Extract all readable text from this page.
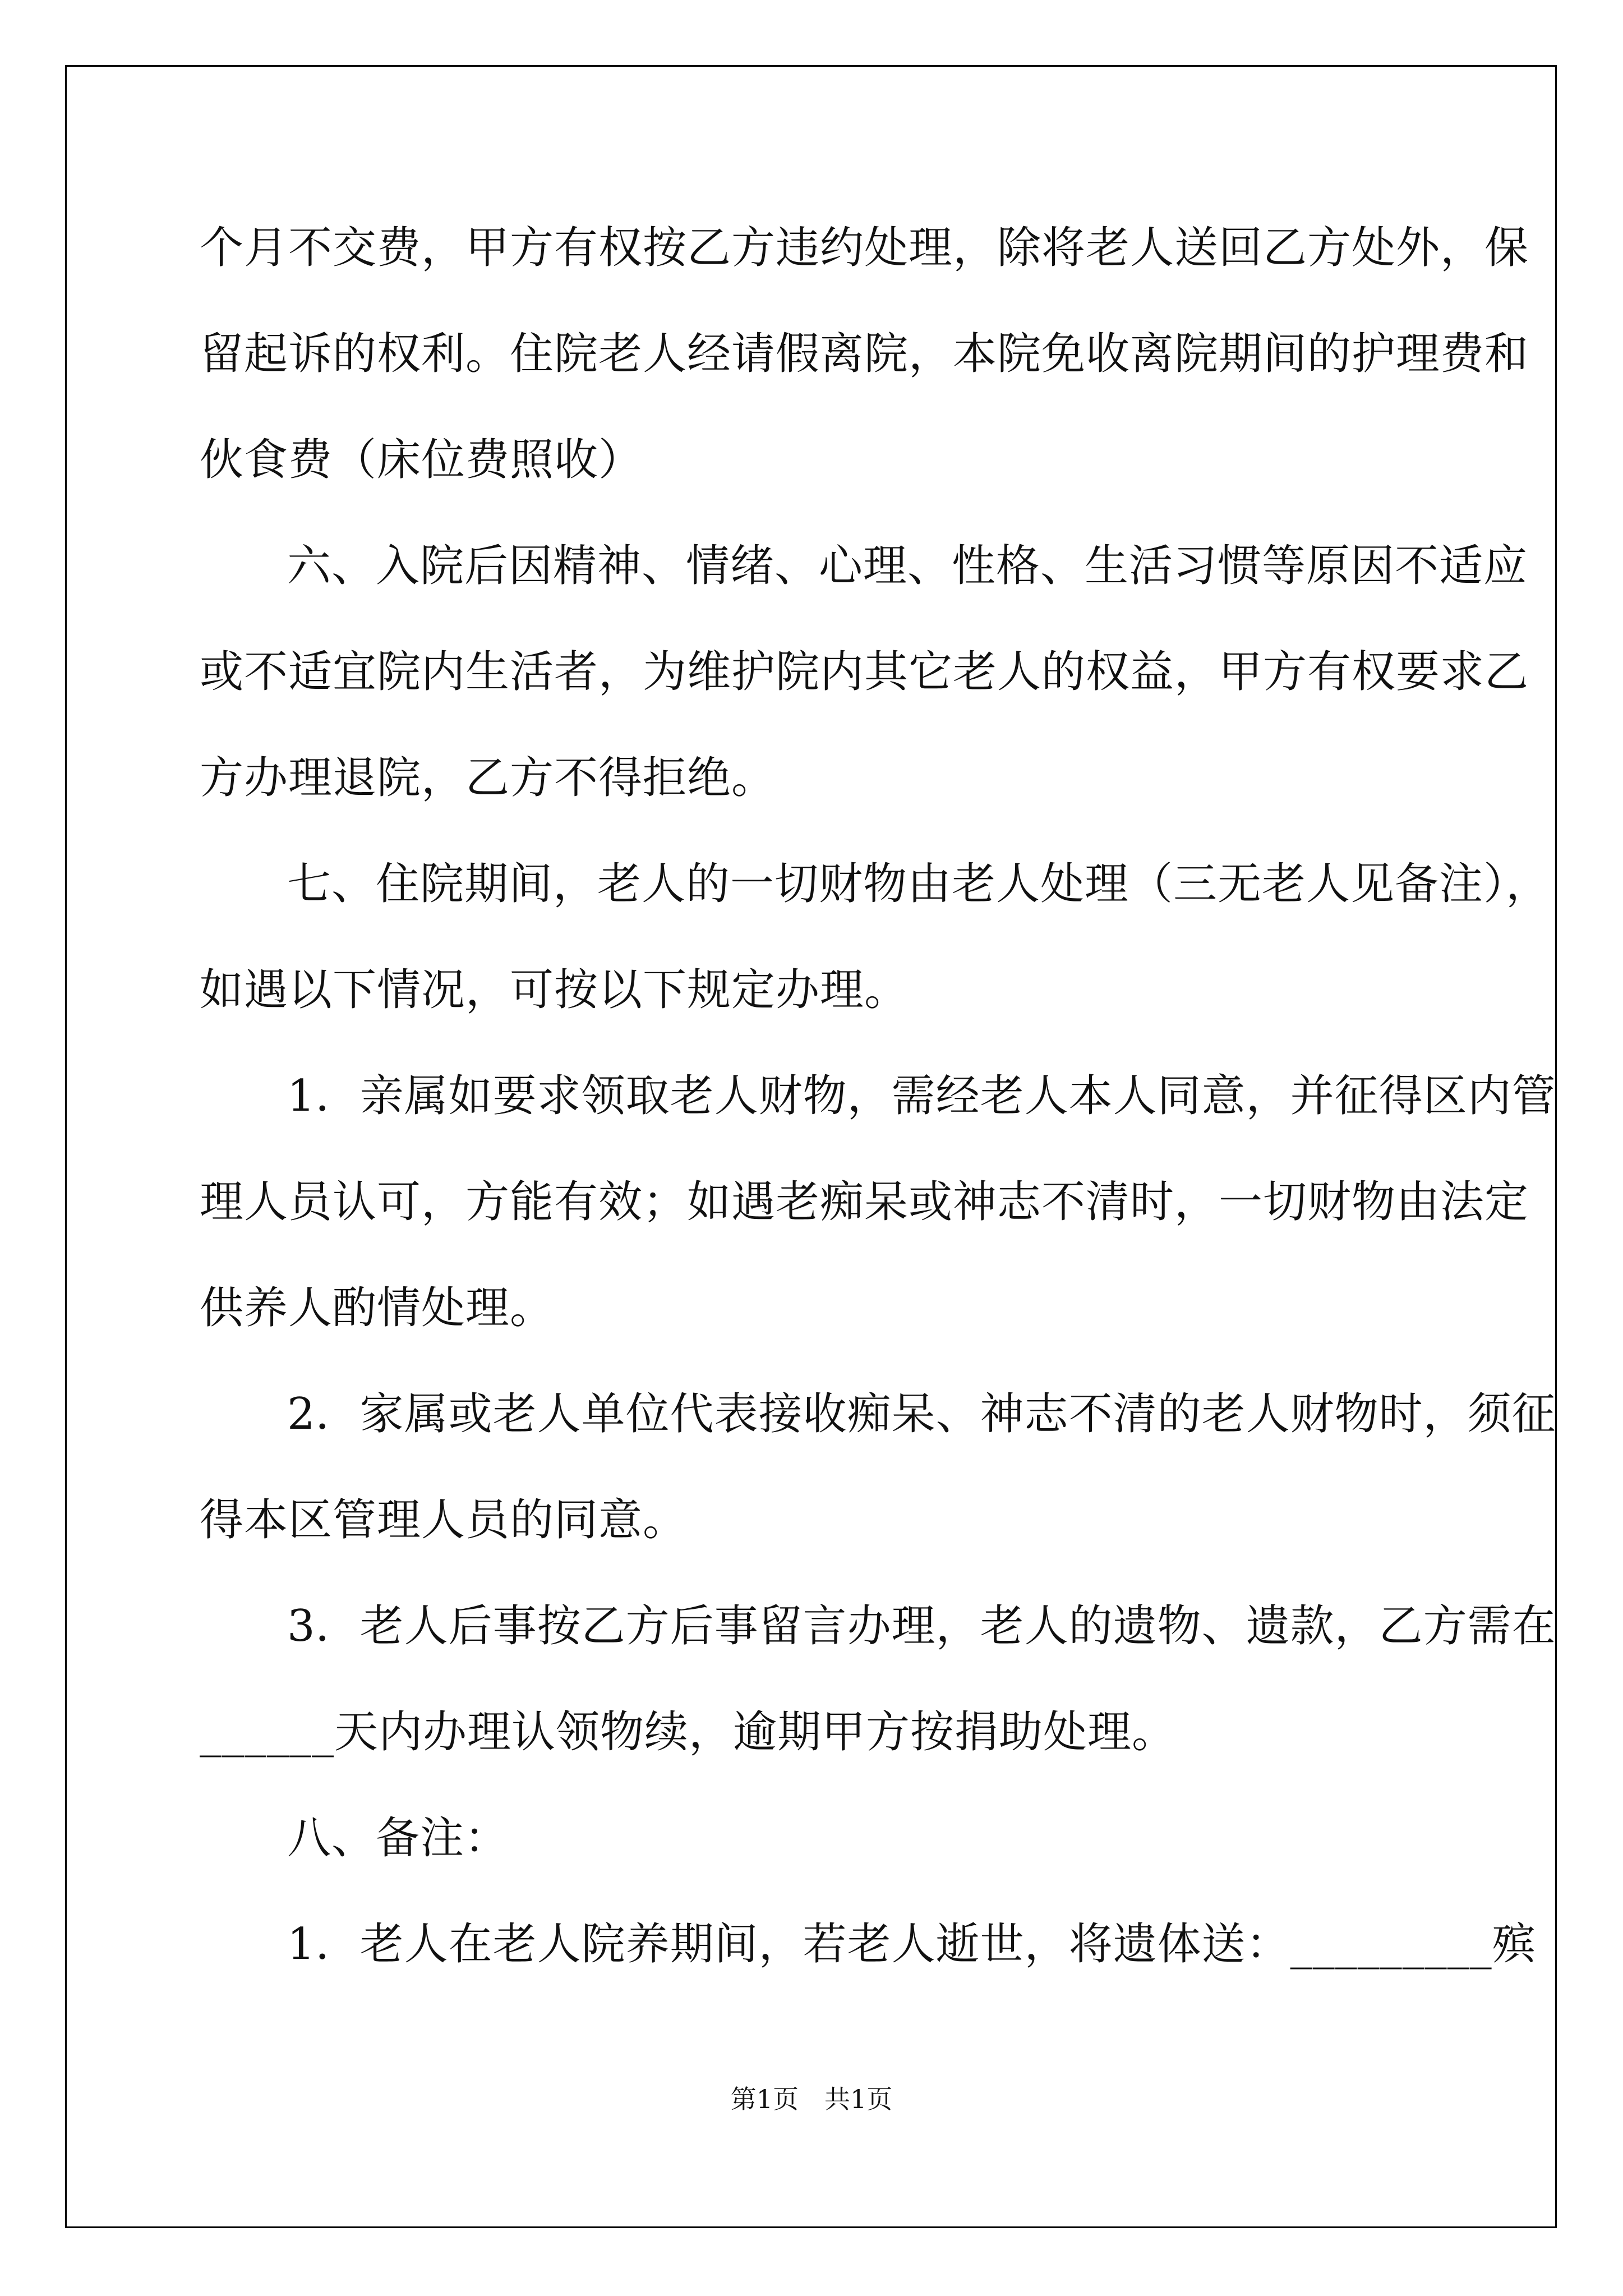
个月不交费，甲方有权按乙方违约处理，除将老人送回乙方处外，保
留起诉的权利。住院老人经请假离院，本院免收离院期间的护理费和
伙食费（床位费照收）
六、入院后因精神、情绪、心理、性格、生活习惯等原因不适应
或不适宜院内生活者，为维护院内其它老人的权益，甲方有权要求乙
方办理退院，乙方不得拒绝。
七、住院期间，老人的一切财物由老人处理（三无老人见备注），
如遇以下情况，可按以下规定办理。
1．亲属如要求领取老人财物，需经老人本人同意，并征得区内管
理人员认可，方能有效；如遇老痴呆或神志不清时，一切财物由法定
供养人酌情处理。
2．家属或老人单位代表接收痴呆、神志不清的老人财物时，须征
得本区管理人员的同意。
3．老人后事按乙方后事留言办理，老人的遗物、遗款，乙方需在
______天内办理认领物续，逾期甲方按捐助处理。
八、备注：
1．老人在老人院养期间，若老人逝世，将遗体送：_________殡
第1页　共1页
